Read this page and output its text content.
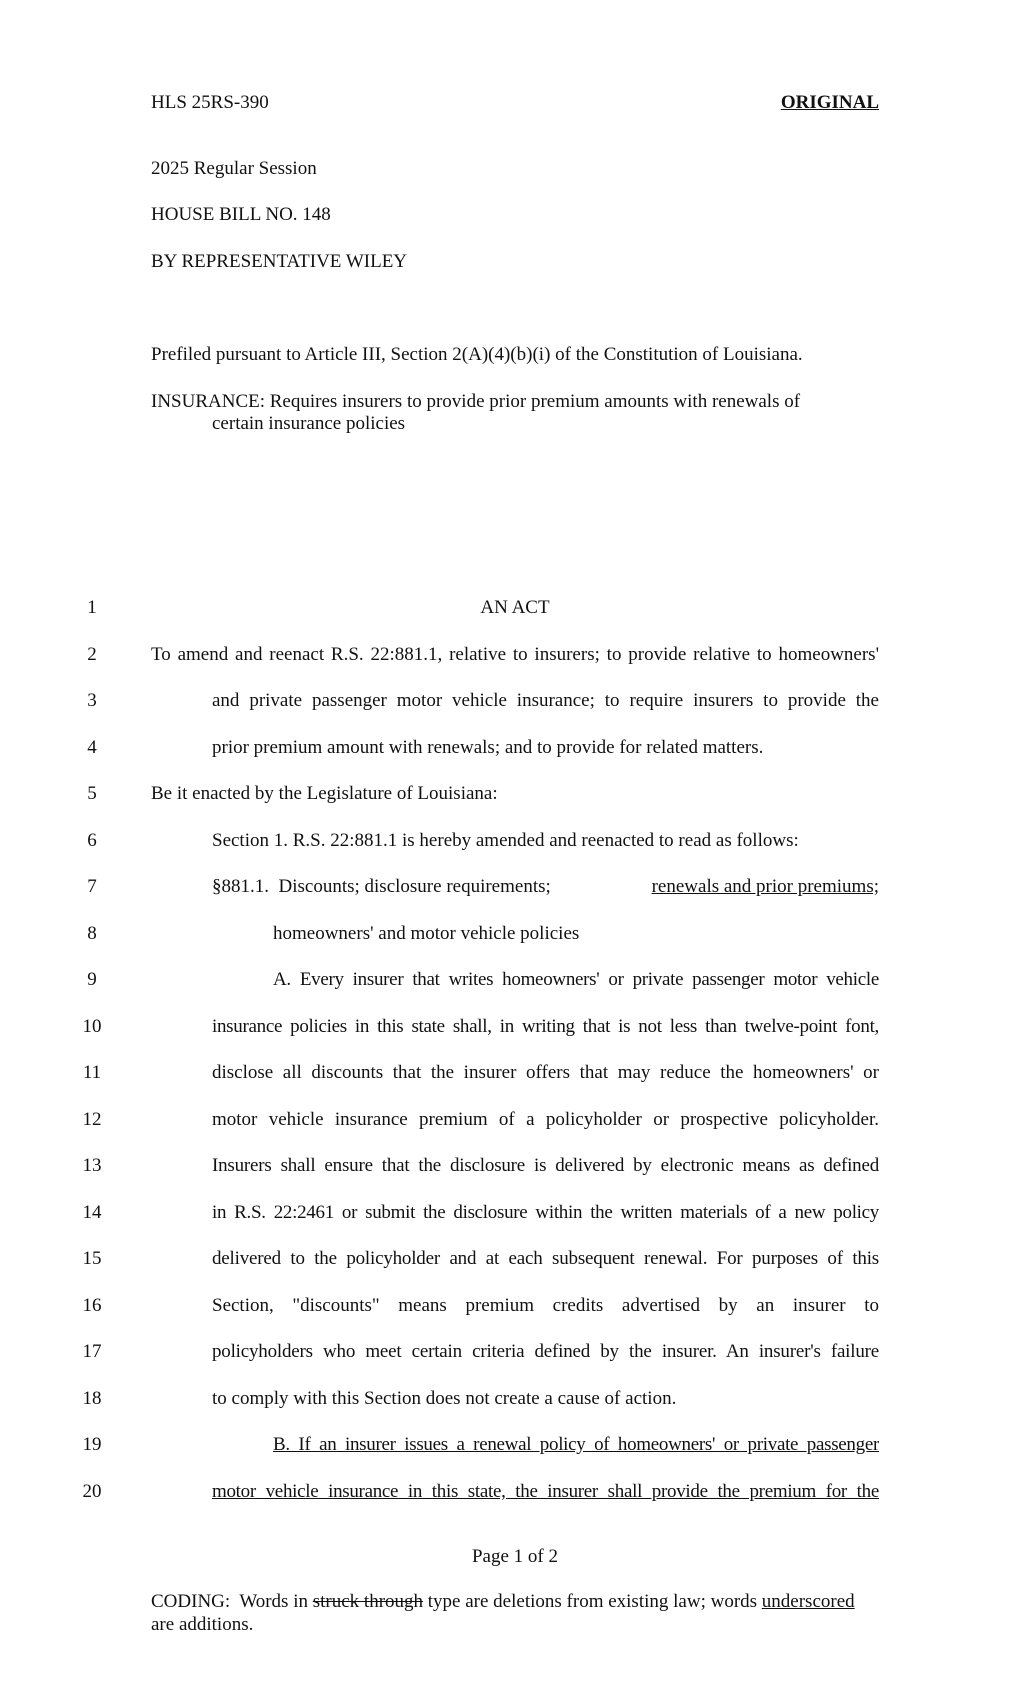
HLS 25RS-390	ORIGINAL
2025 Regular Session
HOUSE BILL NO. 148
BY REPRESENTATIVE WILEY
Prefiled pursuant to Article III, Section 2(A)(4)(b)(i) of the Constitution of Louisiana.
INSURANCE: Requires insurers to provide prior premium amounts with renewals of
certain insurance policies
1	AN ACT
2	To amend and reenact R.S. 22:881.1, relative to insurers; to provide relative to homeowners'
3	and private passenger motor vehicle insurance; to require insurers to provide the
4	prior premium amount with renewals; and to provide for related matters.
5	Be it enacted by the Legislature of Louisiana:
6	Section 1. R.S. 22:881.1 is hereby amended and reenacted to read as follows:
7	§881.1.  Discounts; disclosure requirements;	renewals and prior premiums;
8	homeowners' and motor vehicle policies
9	A. Every insurer that writes homeowners' or private passenger motor vehicle
10	insurance policies in this state shall, in writing that is not less than twelve-point font,
11	disclose all discounts that the insurer offers that may reduce the homeowners' or
12	motor vehicle insurance premium of a policyholder or prospective policyholder.
13	Insurers shall ensure that the disclosure is delivered by electronic means as defined
14	in R.S. 22:2461 or submit the disclosure within the written materials of a new policy
15	delivered to the policyholder and at each subsequent renewal. For purposes of this
16	Section, "discounts" means premium credits advertised by an insurer to
17	policyholders who meet certain criteria defined by the insurer. An insurer's failure
18	to comply with this Section does not create a cause of action.
19	B. If an insurer issues a renewal policy of homeowners' or private passenger
20	motor vehicle insurance in this state, the insurer shall provide the premium for the
Page 1 of 2
CODING:  Words in struck through type are deletions from existing law; words underscored are additions.
